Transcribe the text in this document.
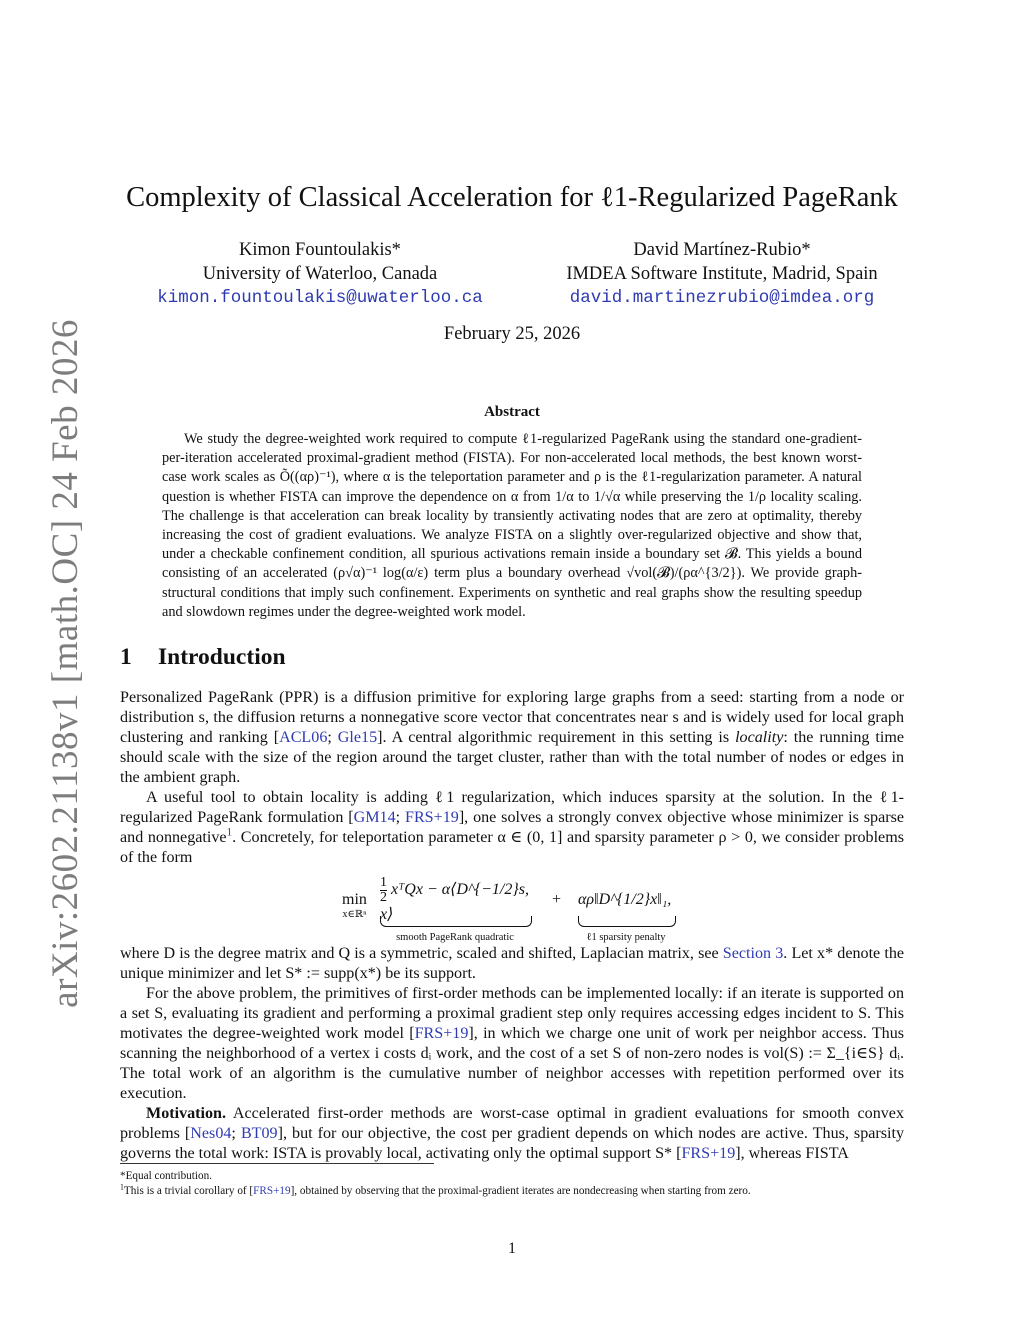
arXiv:2602.21138v1 [math.OC] 24 Feb 2026
Complexity of Classical Acceleration for ℓ1-Regularized PageRank
Kimon Fountoulakis*
University of Waterloo, Canada
kimon.fountoulakis@uwaterloo.ca
David Martínez-Rubio*
IMDEA Software Institute, Madrid, Spain
david.martinezrubio@imdea.org
February 25, 2026
Abstract

We study the degree-weighted work required to compute ℓ1-regularized PageRank using the standard one-gradient-per-iteration accelerated proximal-gradient method (FISTA). For non-accelerated local methods, the best known worst-case work scales as Õ((αρ)⁻¹), where α is the teleportation parameter and ρ is the ℓ1-regularization parameter. A natural question is whether FISTA can improve the dependence on α from 1/α to 1/√α while preserving the 1/ρ locality scaling. The challenge is that acceleration can break locality by transiently activating nodes that are zero at optimality, thereby increasing the cost of gradient evaluations. We analyze FISTA on a slightly over-regularized objective and show that, under a checkable confinement condition, all spurious activations remain inside a boundary set 𝓑. This yields a bound consisting of an accelerated (ρ√α)⁻¹ log(α/ε) term plus a boundary overhead √vol(𝓑)/(ρα^{3/2}). We provide graph-structural conditions that imply such confinement. Experiments on synthetic and real graphs show the resulting speedup and slowdown regimes under the degree-weighted work model.

1 Introduction

Personalized PageRank (PPR) is a diffusion primitive for exploring large graphs from a seed: starting from a node or distribution s, the diffusion returns a nonnegative score vector that concentrates near s and is widely used for local graph clustering and ranking [ACL06; Gle15]. A central algorithmic requirement in this setting is locality: the running time should scale with the size of the region around the target cluster, rather than with the total number of nodes or edges in the ambient graph.

A useful tool to obtain locality is adding ℓ1 regularization, which induces sparsity at the solution. In the ℓ1-regularized PageRank formulation [GM14; FRS+19], one solves a strongly convex objective whose minimizer is sparse and nonnegative$^1$. Concretely, for teleportation parameter α ∈ (0, 1] and sparsity parameter ρ > 0, we consider problems of the form

min
x∈ℝⁿ
$\frac{1}{2}$ xᵀQx − α⟨D^{−1/2}s, x⟩
smooth PageRank quadratic
+ αρ‖D^{1/2}x‖₁,
ℓ1 sparsity penalty

where D is the degree matrix and Q is a symmetric, scaled and shifted, Laplacian matrix, see Section 3. Let x* denote the unique minimizer and let S* := supp(x*) be its support.

For the above problem, the primitives of first-order methods can be implemented locally: if an iterate is supported on a set S, evaluating its gradient and performing a proximal gradient step only requires accessing edges incident to S. This motivates the degree-weighted work model [FRS+19], in which we charge one unit of work per neighbor access. Thus scanning the neighborhood of a vertex i costs dᵢ work, and the cost of a set S of non-zero nodes is vol(S) := Σ_{i∈S} dᵢ. The total work of an algorithm is the cumulative number of neighbor accesses with repetition performed over its execution.

Motivation. Accelerated first-order methods are worst-case optimal in gradient evaluations for smooth convex problems [Nes04; BT09], but for our objective, the cost per gradient depends on which nodes are active. Thus, sparsity governs the total work: ISTA is provably local, activating only the optimal support S* [FRS+19], whereas FISTA

*Equal contribution.

$^1$This is a trivial corollary of [FRS+19], obtained by observing that the proximal-gradient iterates are nondecreasing when starting from zero.

1
